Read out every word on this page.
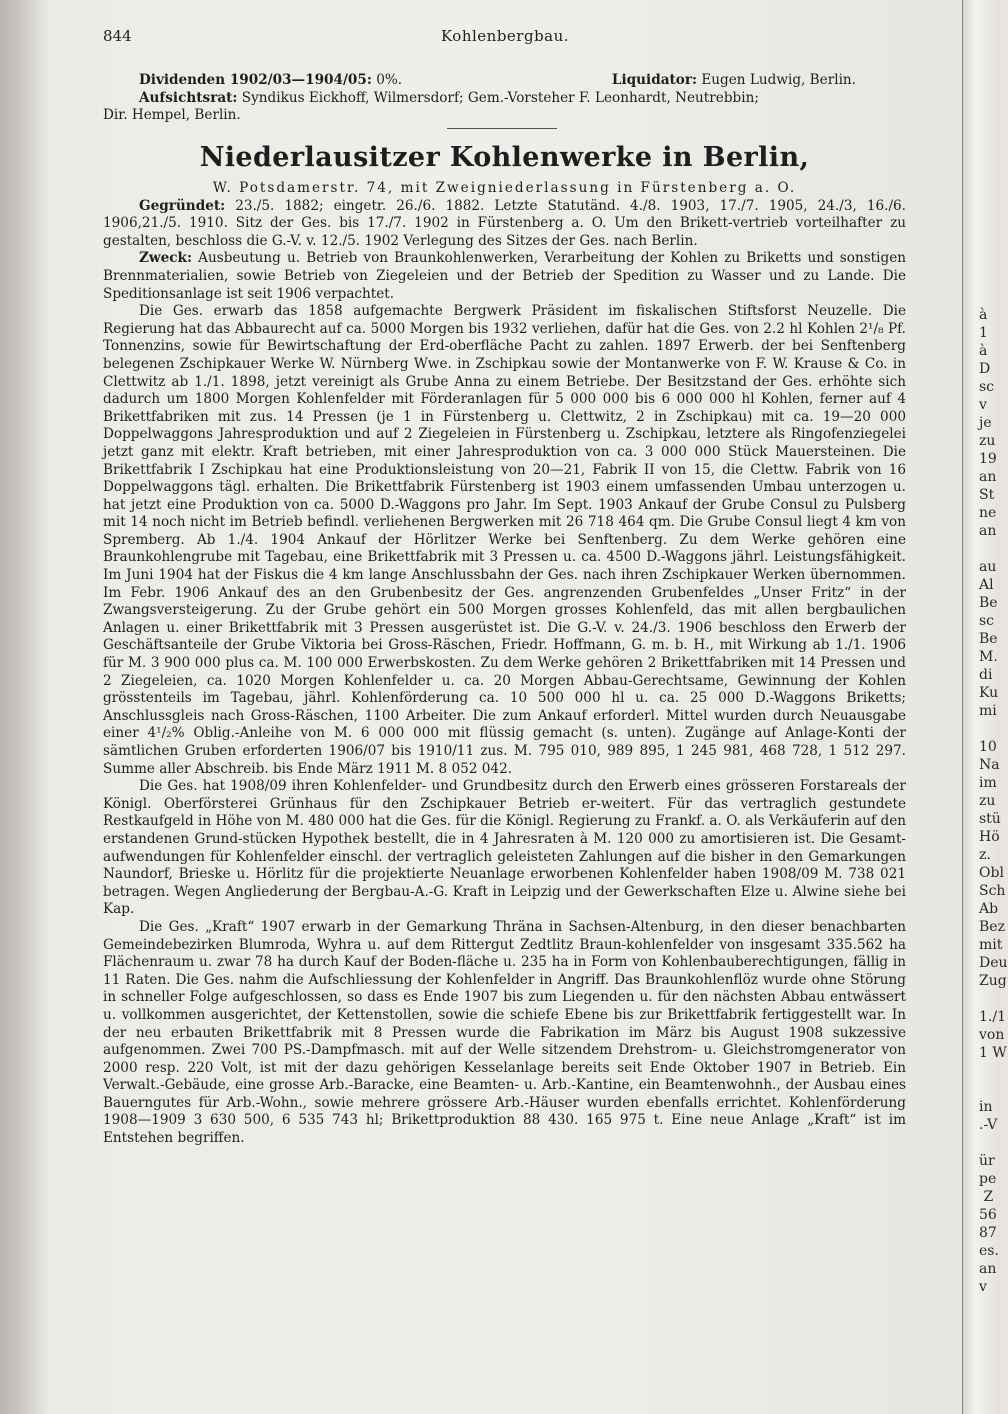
à
1
à
D
sc
v
je
zu
19
an
St
ne
an

au
Al
Be
sc
Be
M.
di
Ku
mi

10
Na
im
zu
stü
Hö
z.
Obl
Sch
Ab
Bez
mit
Deu
Zug

1./1
von
1 W

in
.-V

ür
pe
Z
56
87
es.
an
v
844	Kohlenbergbau.

Dividenden 1902/03—1904/05: 0%.	Liquidator: Eugen Ludwig, Berlin.

Aufsichtsrat: Syndikus Eickhoff, Wilmersdorf; Gem.-Vorsteher F. Leonhardt, Neutrebbin;

Dir. Hempel, Berlin.

Niederlausitzer Kohlenwerke in Berlin,

W. Potsdamerstr. 74, mit Zweigniederlassung in Fürstenberg a. O.

Gegründet: 23./5. 1882; eingetr. 26./6. 1882. Letzte Statutänd. 4./8. 1903, 17./7. 1905, 24./3, 16./6. 1906,21./5. 1910. Sitz der Ges. bis 17./7. 1902 in Fürstenberg a. O. Um den Brikett-vertrieb vorteilhafter zu gestalten, beschloss die G.-V. v. 12./5. 1902 Verlegung des Sitzes der Ges. nach Berlin.

Zweck: Ausbeutung u. Betrieb von Braunkohlenwerken, Verarbeitung der Kohlen zu Briketts und sonstigen Brennmaterialien, sowie Betrieb von Ziegeleien und der Betrieb der Spedition zu Wasser und zu Lande. Die Speditionsanlage ist seit 1906 verpachtet.

Die Ges. erwarb das 1858 aufgemachte Bergwerk Präsident im fiskalischen Stiftsforst Neuzelle. Die Regierung hat das Abbaurecht auf ca. 5000 Morgen bis 1932 verliehen, dafür hat die Ges. von 2.2 hl Kohlen 2¹/₈ Pf. Tonnenzins, sowie für Bewirtschaftung der Erd-oberfläche Pacht zu zahlen. 1897 Erwerb. der bei Senftenberg belegenen Zschipkauer Werke W. Nürnberg Wwe. in Zschipkau sowie der Montanwerke von F. W. Krause & Co. in Clettwitz ab 1./1. 1898, jetzt vereinigt als Grube Anna zu einem Betriebe. Der Besitzstand der Ges. erhöhte sich dadurch um 1800 Morgen Kohlenfelder mit Förderanlagen für 5 000 000 bis 6 000 000 hl Kohlen, ferner auf 4 Brikettfabriken mit zus. 14 Pressen (je 1 in Fürstenberg u. Clettwitz, 2 in Zschipkau) mit ca. 19—20 000 Doppelwaggons Jahresproduktion und auf 2 Ziegeleien in Fürstenberg u. Zschipkau, letztere als Ringofenziegelei jetzt ganz mit elektr. Kraft betrieben, mit einer Jahresproduktion von ca. 3 000 000 Stück Mauersteinen. Die Brikettfabrik I Zschipkau hat eine Produktionsleistung von 20—21, Fabrik II von 15, die Clettw. Fabrik von 16 Doppelwaggons tägl. erhalten. Die Brikettfabrik Fürstenberg ist 1903 einem umfassenden Umbau unterzogen u. hat jetzt eine Produktion von ca. 5000 D.-Waggons pro Jahr. Im Sept. 1903 Ankauf der Grube Consul zu Pulsberg mit 14 noch nicht im Betrieb befindl. verliehenen Bergwerken mit 26 718 464 qm. Die Grube Consul liegt 4 km von Spremberg. Ab 1./4. 1904 Ankauf der Hörlitzer Werke bei Senftenberg. Zu dem Werke gehören eine Braunkohlengrube mit Tagebau, eine Brikettfabrik mit 3 Pressen u. ca. 4500 D.-Waggons jährl. Leistungsfähigkeit. Im Juni 1904 hat der Fiskus die 4 km lange Anschlussbahn der Ges. nach ihren Zschipkauer Werken übernommen. Im Febr. 1906 Ankauf des an den Grubenbesitz der Ges. angrenzenden Grubenfeldes „Unser Fritz“ in der Zwangsversteigerung. Zu der Grube gehört ein 500 Morgen grosses Kohlenfeld, das mit allen bergbaulichen Anlagen u. einer Brikettfabrik mit 3 Pressen ausgerüstet ist. Die G.-V. v. 24./3. 1906 beschloss den Erwerb der Geschäftsanteile der Grube Viktoria bei Gross-Räschen, Friedr. Hoffmann, G. m. b. H., mit Wirkung ab 1./1. 1906 für M. 3 900 000 plus ca. M. 100 000 Erwerbskosten. Zu dem Werke gehören 2 Brikettfabriken mit 14 Pressen und 2 Ziegeleien, ca. 1020 Morgen Kohlenfelder u. ca. 20 Morgen Abbau-Gerechtsame, Gewinnung der Kohlen grösstenteils im Tagebau, jährl. Kohlenförderung ca. 10 500 000 hl u. ca. 25 000 D.-Waggons Briketts; Anschlussgleis nach Gross-Räschen, 1100 Arbeiter. Die zum Ankauf erforderl. Mittel wurden durch Neuausgabe einer 4¹/₂% Oblig.-Anleihe von M. 6 000 000 mit flüssig gemacht (s. unten). Zugänge auf Anlage-Konti der sämtlichen Gruben erforderten 1906/07 bis 1910/11 zus. M. 795 010, 989 895, 1 245 981, 468 728, 1 512 297. Summe aller Abschreib. bis Ende März 1911 M. 8 052 042.

Die Ges. hat 1908/09 ihren Kohlenfelder- und Grundbesitz durch den Erwerb eines grösseren Forstareals der Königl. Oberförsterei Grünhaus für den Zschipkauer Betrieb er-weitert. Für das vertraglich gestundete Restkaufgeld in Höhe von M. 480 000 hat die Ges. für die Königl. Regierung zu Frankf. a. O. als Verkäuferin auf den erstandenen Grund-stücken Hypothek bestellt, die in 4 Jahresraten à M. 120 000 zu amortisieren ist. Die Gesamt-aufwendungen für Kohlenfelder einschl. der vertraglich geleisteten Zahlungen auf die bisher in den Gemarkungen Naundorf, Brieske u. Hörlitz für die projektierte Neuanlage erworbenen Kohlenfelder haben 1908/09 M. 738 021 betragen. Wegen Angliederung der Bergbau-A.-G. Kraft in Leipzig und der Gewerkschaften Elze u. Alwine siehe bei Kap.

Die Ges. „Kraft“ 1907 erwarb in der Gemarkung Thräna in Sachsen-Altenburg, in den dieser benachbarten Gemeindebezirken Blumroda, Wyhra u. auf dem Rittergut Zedtlitz Braun-kohlenfelder von insgesamt 335.562 ha Flächenraum u. zwar 78 ha durch Kauf der Boden-fläche u. 235 ha in Form von Kohlenbauberechtigungen, fällig in 11 Raten. Die Ges. nahm die Aufschliessung der Kohlenfelder in Angriff. Das Braunkohlenflöz wurde ohne Störung in schneller Folge aufgeschlossen, so dass es Ende 1907 bis zum Liegenden u. für den nächsten Abbau entwässert u. vollkommen ausgerichtet, der Kettenstollen, sowie die schiefe Ebene bis zur Brikettfabrik fertiggestellt war. In der neu erbauten Brikettfabrik mit 8 Pressen wurde die Fabrikation im März bis August 1908 sukzessive aufgenommen. Zwei 700 PS.-Dampfmasch. mit auf der Welle sitzendem Drehstrom- u. Gleichstromgenerator von 2000 resp. 220 Volt, ist mit der dazu gehörigen Kesselanlage bereits seit Ende Oktober 1907 in Betrieb. Ein Verwalt.-Gebäude, eine grosse Arb.-Baracke, eine Beamten- u. Arb.-Kantine, ein Beamtenwohnh., der Ausbau eines Bauerngutes für Arb.-Wohn., sowie mehrere grössere Arb.-Häuser wurden ebenfalls errichtet. Kohlenförderung 1908—1909 3 630 500, 6 535 743 hl; Brikettproduktion 88 430. 165 975 t. Eine neue Anlage „Kraft“ ist im Entstehen begriffen.
